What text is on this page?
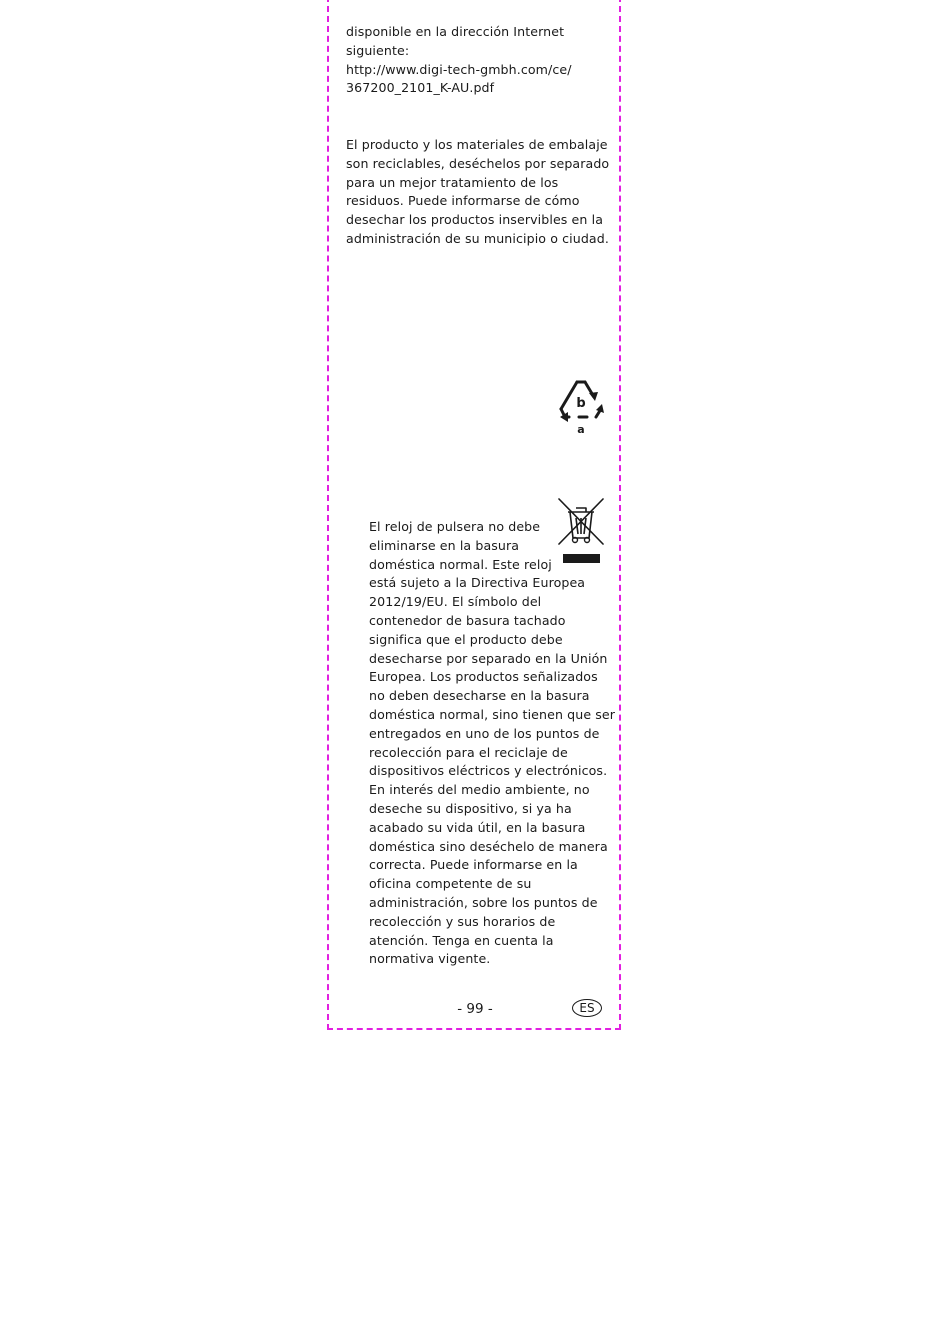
disponible en la dirección Internet
siguiente:
http://www.digi-tech-gmbh.com/ce/
367200_2101_K-AU.pdf
El producto y los materiales de embalaje
son reciclables, deséchelos por separado
para un mejor tratamiento de los
residuos. Puede informarse de cómo
desechar los productos inservibles en la
administración de su municipio o ciudad.
b
a
El reloj de pulsera no debe
eliminarse en la basura
doméstica normal. Este reloj
está sujeto a la Directiva Europea
2012/19/EU. El símbolo del
contenedor de basura tachado
significa que el producto debe
desecharse por separado en la Unión
Europea. Los productos señalizados
no deben desecharse en la basura
doméstica normal, sino tienen que ser
entregados en uno de los puntos de
recolección para el reciclaje de
dispositivos eléctricos y electrónicos.
En interés del medio ambiente, no
deseche su dispositivo, si ya ha
acabado su vida útil, en la basura
doméstica sino deséchelo de manera
correcta. Puede informarse en la
oficina competente de su
administración, sobre los puntos de
recolección y sus horarios de
atención. Tenga en cuenta la
normativa vigente.
- 99 -	ES
